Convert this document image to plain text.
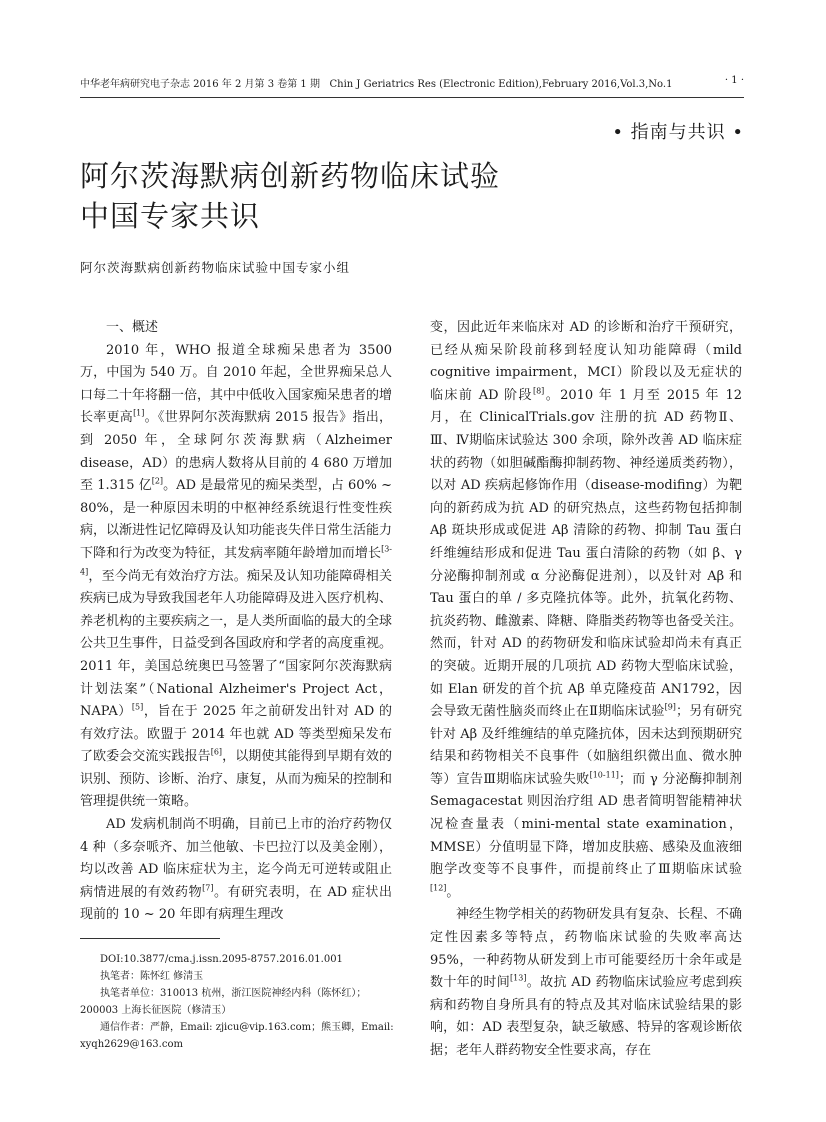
中华老年病研究电子杂志 2016 年 2 月第 3 卷第 1 期 Chin J Geriatrics Res (Electronic Edition),February 2016,Vol.3,No.1	· 1 ·
• 指南与共识 •
阿尔茨海默病创新药物临床试验
中国专家共识
阿尔茨海默病创新药物临床试验中国专家小组
一、概述

2010 年，WHO 报道全球痴呆患者为 3500 万，中国为 540 万。自 2010 年起，全世界痴呆总人口每二十年将翻一倍，其中中低收入国家痴呆患者的增长率更高[1]。《世界阿尔茨海默病 2015 报告》指出，到 2050 年，全球阿尔茨海默病（Alzheimer disease，AD）的患病人数将从目前的 4 680 万增加至 1.315 亿[2]。AD 是最常见的痴呆类型，占 60% ~ 80%，是一种原因未明的中枢神经系统退行性变性疾病，以渐进性记忆障碍及认知功能丧失伴日常生活能力下降和行为改变为特征，其发病率随年龄增加而增长[3-4]，至今尚无有效治疗方法。痴呆及认知功能障碍相关疾病已成为导致我国老年人功能障碍及进入医疗机构、养老机构的主要疾病之一，是人类所面临的最大的全球公共卫生事件，日益受到各国政府和学者的高度重视。2011 年，美国总统奥巴马签署了“国家阿尔茨海默病计划法案”（National Alzheimer's Project Act，NAPA）[5]，旨在于 2025 年之前研发出针对 AD 的有效疗法。欧盟于 2014 年也就 AD 等类型痴呆发布了欧委会交流实践报告[6]，以期使其能得到早期有效的识别、预防、诊断、治疗、康复，从而为痴呆的控制和管理提供统一策略。

AD 发病机制尚不明确，目前已上市的治疗药物仅 4 种（多奈哌齐、加兰他敏、卡巴拉汀以及美金刚），均以改善 AD 临床症状为主，迄今尚无可逆转或阻止病情进展的有效药物[7]。有研究表明，在 AD 症状出现前的 10 ~ 20 年即有病理生理改

变，因此近年来临床对 AD 的诊断和治疗干预研究，已经从痴呆阶段前移到轻度认知功能障碍（mild cognitive impairment，MCI）阶段以及无症状的临床前 AD 阶段[8]。2010 年 1 月至 2015 年 12 月，在 ClinicalTrials.gov 注册的抗 AD 药物Ⅱ、Ⅲ、Ⅳ期临床试验达 300 余项，除外改善 AD 临床症状的药物（如胆碱酯酶抑制药物、神经递质类药物），以对 AD 疾病起修饰作用（disease-modifing）为靶向的新药成为抗 AD 的研究热点，这些药物包括抑制 Aβ 斑块形成或促进 Aβ 清除的药物、抑制 Tau 蛋白纤维缠结形成和促进 Tau 蛋白清除的药物（如 β、γ 分泌酶抑制剂或 α 分泌酶促进剂），以及针对 Aβ 和 Tau 蛋白的单 / 多克隆抗体等。此外，抗氧化药物、抗炎药物、雌激素、降糖、降脂类药物等也备受关注。然而，针对 AD 的药物研发和临床试验却尚未有真正的突破。近期开展的几项抗 AD 药物大型临床试验，如 Elan 研发的首个抗 Aβ 单克隆疫苗 AN1792，因会导致无菌性脑炎而终止在Ⅱ期临床试验[9]；另有研究针对 Aβ 及纤维缠结的单克隆抗体，因未达到预期研究结果和药物相关不良事件（如脑组织微出血、微水肿等）宣告Ⅲ期临床试验失败[10-11]；而 γ 分泌酶抑制剂 Semagacestat 则因治疗组 AD 患者简明智能精神状况检查量表（mini-mental state examination，MMSE）分值明显下降，增加皮肤癌、感染及血液细胞学改变等不良事件，而提前终止了Ⅲ期临床试验[12]。

神经生物学相关的药物研发具有复杂、长程、不确定性因素多等特点，药物临床试验的失败率高达 95%，一种药物从研发到上市可能要经历十余年或是数十年的时间[13]。故抗 AD 药物临床试验应考虑到疾病和药物自身所具有的特点及其对临床试验结果的影响，如：AD 表型复杂，缺乏敏感、特异的客观诊断依据；老年人群药物安全性要求高，存在

DOI:10.3877/cma.j.issn.2095-8757.2016.01.001
执笔者：陈怀红 修清玉
执笔者单位：310013 杭州，浙江医院神经内科（陈怀红）；200003 上海长征医院（修清玉）
通信作者：严静，Email: zjicu@vip.163.com；熊玉卿，Email: xyqh2629@163.com
